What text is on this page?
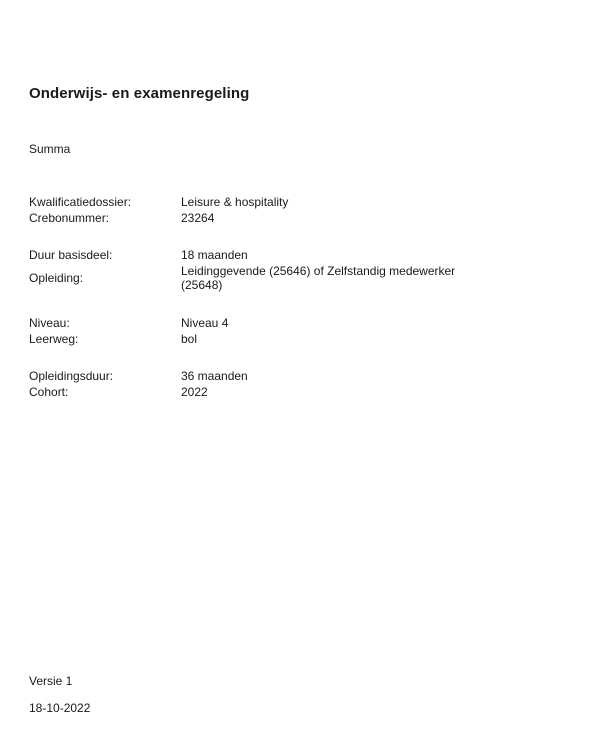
Onderwijs- en examenregeling
Summa
Kwalificatiedossier:	Leisure & hospitality
Crebonummer:	23264
Duur basisdeel:	18 maanden
Opleiding:	Leidinggevende (25646) of Zelfstandig medewerker (25648)
Niveau:	Niveau 4
Leerweg:	bol
Opleidingsduur:	36 maanden
Cohort:	2022
Versie 1
18-10-2022
